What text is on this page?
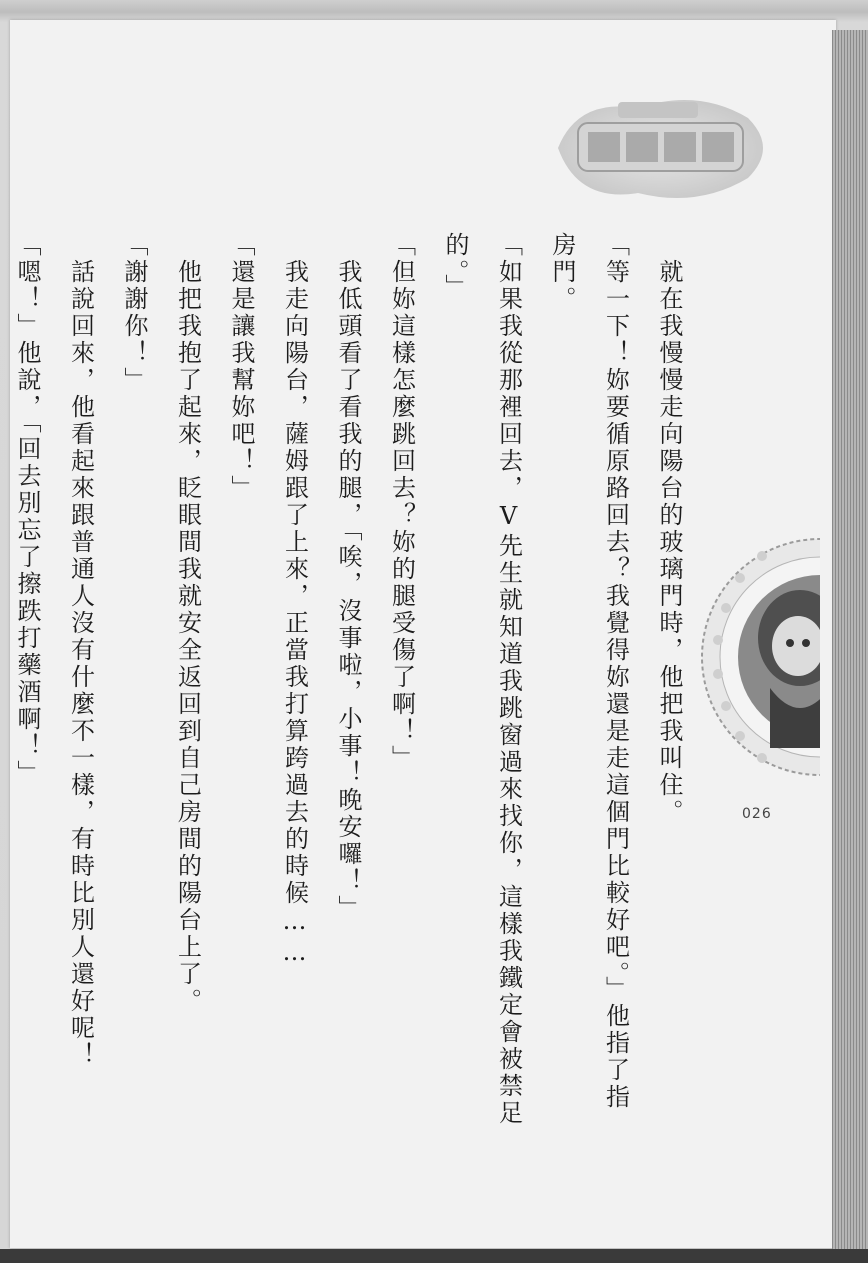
026

　就在我慢慢走向陽台的玻璃門時，他把我叫住。

「等一下！妳要循原路回去？我覺得妳還是走這個門比較好吧。」他指了指房門。

「如果我從那裡回去，V先生就知道我跳窗過來找你，這樣我鐵定會被禁足的。」

「但妳這樣怎麼跳回去？妳的腿受傷了啊！」

　我低頭看了看我的腿，「唉，沒事啦，小事！晚安囉！」

　我走向陽台，薩姆跟了上來，正當我打算跨過去的時候……

「還是讓我幫妳吧！」

　他把我抱了起來，眨眼間我就安全返回到自己房間的陽台上了。

「謝謝你！」

　話說回來，他看起來跟普通人沒有什麼不一樣，有時比別人還好呢！

「嗯！」他說，「回去別忘了擦跌打藥酒啊！」
